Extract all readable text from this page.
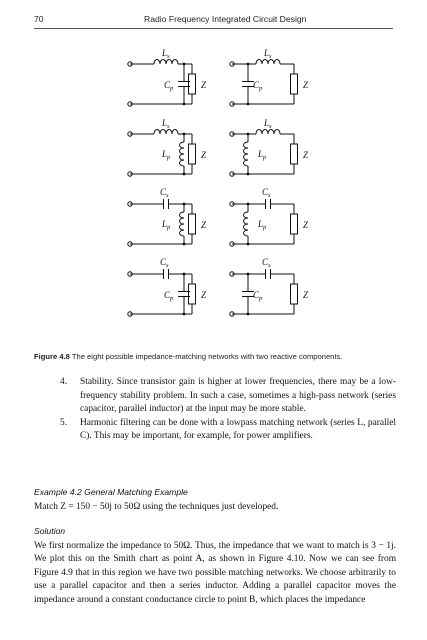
70	Radio Frequency Integrated Circuit Design
Z
$L_s$
$C_p$	Z
$L_s$
$C_p$
Z
$L_s$
$L_p$	Z
$L_s$
$L_p$
Z
$C_s$
$L_p$	Z
$C_s$
$L_p$
Z
$C_s$
$C_p$	Z
$C_s$
$C_p$
Figure 4.8 The eight possible impedance-matching networks with two reactive components.
4. Stability. Since transistor gain is higher at lower frequencies, there may be a low-frequency stability problem. In such a case, sometimes a high-pass network (series capacitor, parallel inductor) at the input may be more stable.
5. Harmonic filtering can be done with a lowpass matching network (series L, parallel C). This may be important, for example, for power amplifiers.
Example 4.2 General Matching Example
Match Z = 150 − 50j to 50Ω using the techniques just developed.
Solution
We first normalize the impedance to 50Ω. Thus, the impedance that we want to match is 3 − 1j. We plot this on the Smith chart as point A, as shown in Figure 4.10. Now we can see from Figure 4.9 that in this region we have two possible matching networks. We choose arbitrarily to use a parallel capacitor and then a series inductor. Adding a parallel capacitor moves the impedance around a constant conductance circle to point B, which places the impedance
